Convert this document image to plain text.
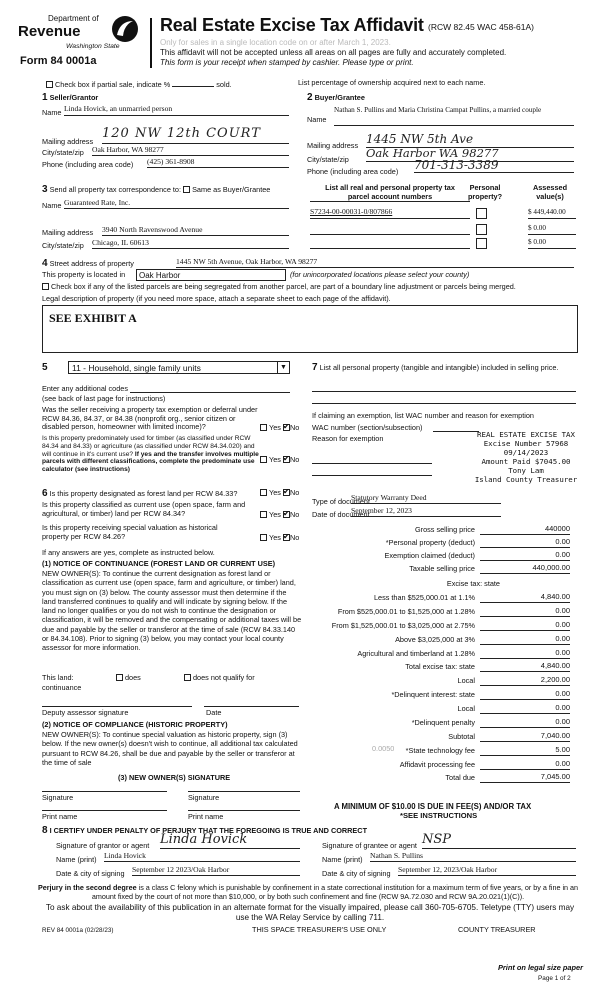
Department of
Revenue
Washington State
Form 84 0001a
Real Estate Excise Tax Affidavit (RCW 82.45 WAC 458-61A)
Only for sales in a single location code on or after March 1, 2023.
This affidavit will not be accepted unless all areas on all pages are fully and accurately completed.
This form is your receipt when stamped by cashier. Please type or print.
Check box if partial sale, indicate %	sold.	List percentage of ownership acquired next to each name.
1 Seller/Grantor
Name Linda Hovick, an unmarried person
Mailing address
120 NW 12th COURT
City/state/zip Oak Harbor, WA 98277
Phone (including area code) (425) 361-8908
2 Buyer/Grantee
Name
Nathan S. Pullins and Maria Christina Campat Pullins, a married couple
Mailing address 1445 NW 5th Ave
City/state/zip Oak Harbor WA 98277
Phone (including area code) 701-313-3389
3 Send all property tax correspondence to: Same as Buyer/Grantee
Name Guaranteed Rate, Inc.
Mailing address 3940 North Ravenswood Avenue
City/state/zip Chicago, IL 60613
List all real and personal property tax
parcel account numbers
Personal
property?
Assessed
value(s)
S7234-00-00031-0/807866	$ 449,440.00
$ 0.00
$ 0.00
4 Street address of property	1445 NW 5th Avenue, Oak Harbor, WA 98277
This property is located in	Oak Harbor	(for unincorporated locations please select your county)
Check box if any of the listed parcels are being segregated from another parcel, are part of a boundary line adjustment or parcels being merged.
Legal description of property (if you need more space, attach a separate sheet to each page of the affidavit).
SEE EXHIBIT A
5	11 - Household, single family units	▼
Enter any additional codes
(see back of last page for instructions)
Was the seller receiving a property tax exemption or deferral under RCW 84.36, 84.37, or 84.38 (nonprofit org., senior citizen or disabled person, homeowner with limited income)?	Yes ✔ No
Is this property predominately used for timber (as classified under RCW 84.34 and 84.33) or agriculture (as classified under RCW 84.34.020) and will continue in it's current use? If yes and the transfer involves multiple parcels with different classifications, complete the predominate use calculator (see instructions)
Yes ✔ No
6 Is this property designated as forest land per RCW 84.33?	Yes ✔ No
Is this property classified as current use (open space, farm and agricultural, or timber) land per RCW 84.34?	Yes ✔ No
Is this property receiving special valuation as historical property per RCW 84.26?	Yes ✔ No
If any answers are yes, complete as instructed below.
(1) NOTICE OF CONTINUANCE (FOREST LAND OR CURRENT USE)
NEW OWNER(S): To continue the current designation as forest land or classification as current use (open space, farm and agriculture, or timber) land, you must sign on (3) below. The county assessor must then determine if the land transferred continues to qualify and will indicate by signing below. If the land no longer qualifies or you do not wish to continue the designation or classification, it will be removed and the compensating or additional taxes will be due and payable by the seller or transferor at the time of sale (RCW 84.33.140 or 84.34.108). Prior to signing (3) below, you may contact your local county assessor for more information.
This land:	does	does not qualify for
continuance
Deputy assessor signature	Date
(2) NOTICE OF COMPLIANCE (HISTORIC PROPERTY)
NEW OWNER(S): To continue special valuation as historic property, sign (3) below. If the new owner(s) doesn't wish to continue, all additional tax calculated pursuant to RCW 84.26, shall be due and payable by the seller or transferor at the time of sale
(3) NEW OWNER(S) SIGNATURE
Signature	Signature
Print name	Print name
7 List all personal property (tangible and intangible) included in selling price.
If claiming an exemption, list WAC number and reason for exemption
WAC number (section/subsection)
Reason for exemption	REAL ESTATE EXCISE TAX
Excise Number 57968
09/14/2023
Amount Paid $7045.00
Tony Lam
Island County Treasurer
Type of document
Statutory Warranty Deed
Date of document
September 12, 2023
Gross selling price	440000
*Personal property (deduct)	0.00
Exemption claimed (deduct)	0.00
Taxable selling price	440,000.00
Excise tax: state
Less than $525,000.01 at 1.1%	4,840.00
From $525,000.01 to $1,525,000 at 1.28%	0.00
From $1,525,000.01 to $3,025,000 at 2.75%	0.00
Above $3,025,000 at 3%	0.00
Agricultural and timberland at 1.28%	0.00
Total excise tax: state	4,840.00
Local	2,200.00
*Delinquent interest: state	0.00
Local	0.00
*Delinquent penalty	0.00
Subtotal	7,040.00
*State technology fee	5.00
Affidavit processing fee	0.00
Total due	7,045.00
0.0050
A MINIMUM OF $10.00 IS DUE IN FEE(S) AND/OR TAX
*SEE INSTRUCTIONS
8 I CERTIFY UNDER PENALTY OF PERJURY THAT THE FOREGOING IS TRUE AND CORRECT
Signature of grantor or agent Linda Hovick
Name (print) Linda Hovick
Date & city of signing September 12 2023/Oak Harbor
Signature of grantee or agent NSP
Name (print) Nathan S. Pullins
Date & city of signing September 12, 2023/Oak Harbor
Perjury in the second degree is a class C felony which is punishable by confinement in a state correctional institution for a maximum term of five years, or by a fine in an amount fixed by the court of not more than $10,000, or by both such confinement and fine (RCW 9A.72.030 and RCW 9A.20.021(1)(C)).
To ask about the availability of this publication in an alternate format for the visually impaired, please call 360-705-6705. Teletype (TTY) users may use the WA Relay Service by calling 711.
REV 84 0001a (02/28/23)	THIS SPACE TREASURER'S USE ONLY	COUNTY TREASURER
Print on legal size paper
Page 1 of 2
